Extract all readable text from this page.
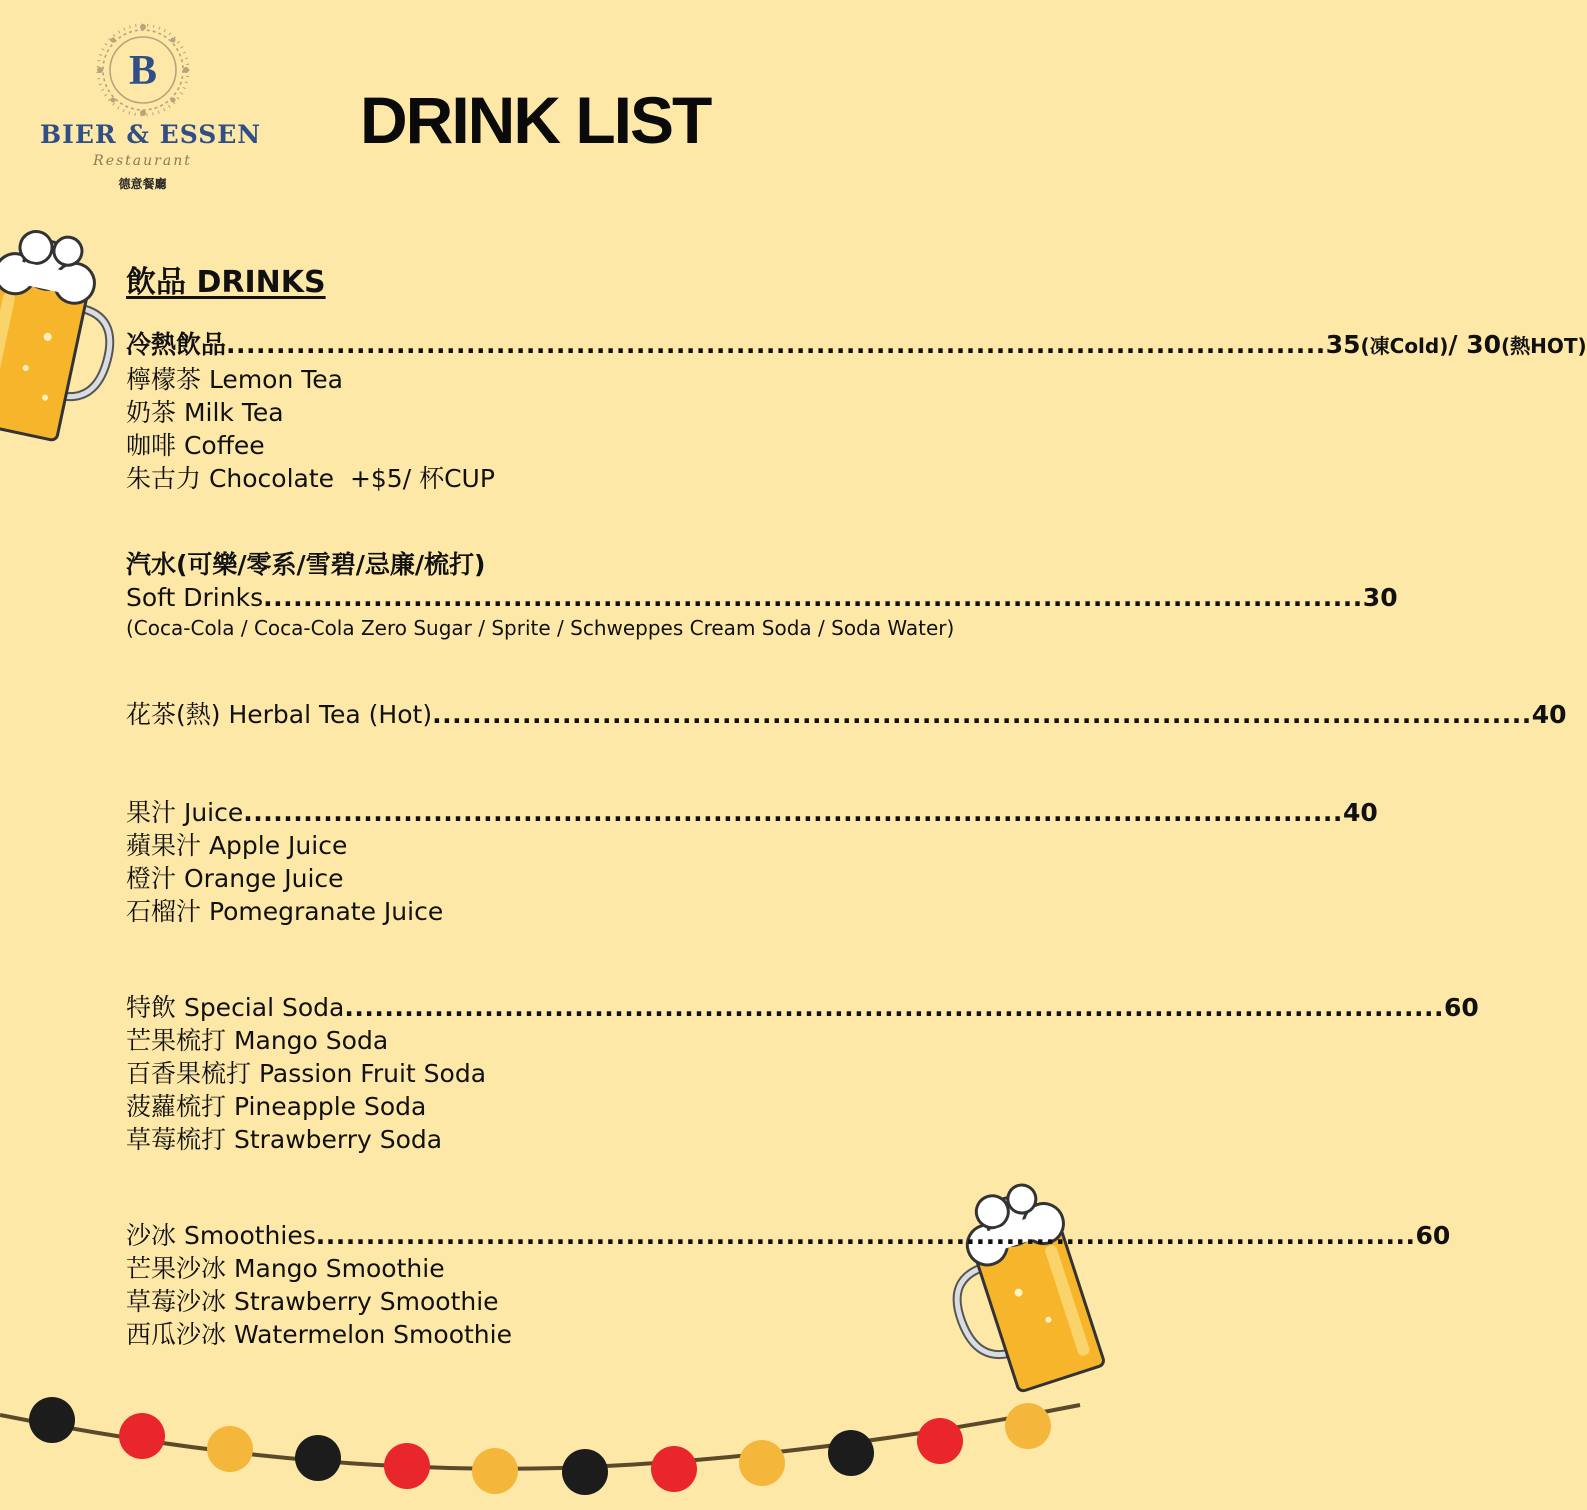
B
BIER & ESSEN
Restaurant
德意餐廳
DRINK LIST
飲品 DRINKS
冷熱飲品 .............................................................................................................. 35(凍Cold)/ 30(熱HOT)
檸檬茶 Lemon Tea
奶茶 Milk Tea
咖啡 Coffee
朱古力 Chocolate +$5/ 杯CUP
汽水(可樂/零系/雪碧/忌廉/梳打)
Soft Drinks .............................................................................................................. 30
(Coca-Cola / Coca-Cola Zero Sugar / Sprite / Schweppes Cream Soda / Soda Water)
花茶(熱) Herbal Tea (Hot) .............................................................................................................. 40
果汁 Juice .............................................................................................................. 40
蘋果汁 Apple Juice
橙汁 Orange Juice
石榴汁 Pomegranate Juice
特飲 Special Soda .............................................................................................................. 60
芒果梳打 Mango Soda
百香果梳打 Passion Fruit Soda
菠蘿梳打 Pineapple Soda
草莓梳打 Strawberry Soda
沙冰 Smoothies .............................................................................................................. 60
芒果沙冰 Mango Smoothie
草莓沙冰 Strawberry Smoothie
西瓜沙冰 Watermelon Smoothie
